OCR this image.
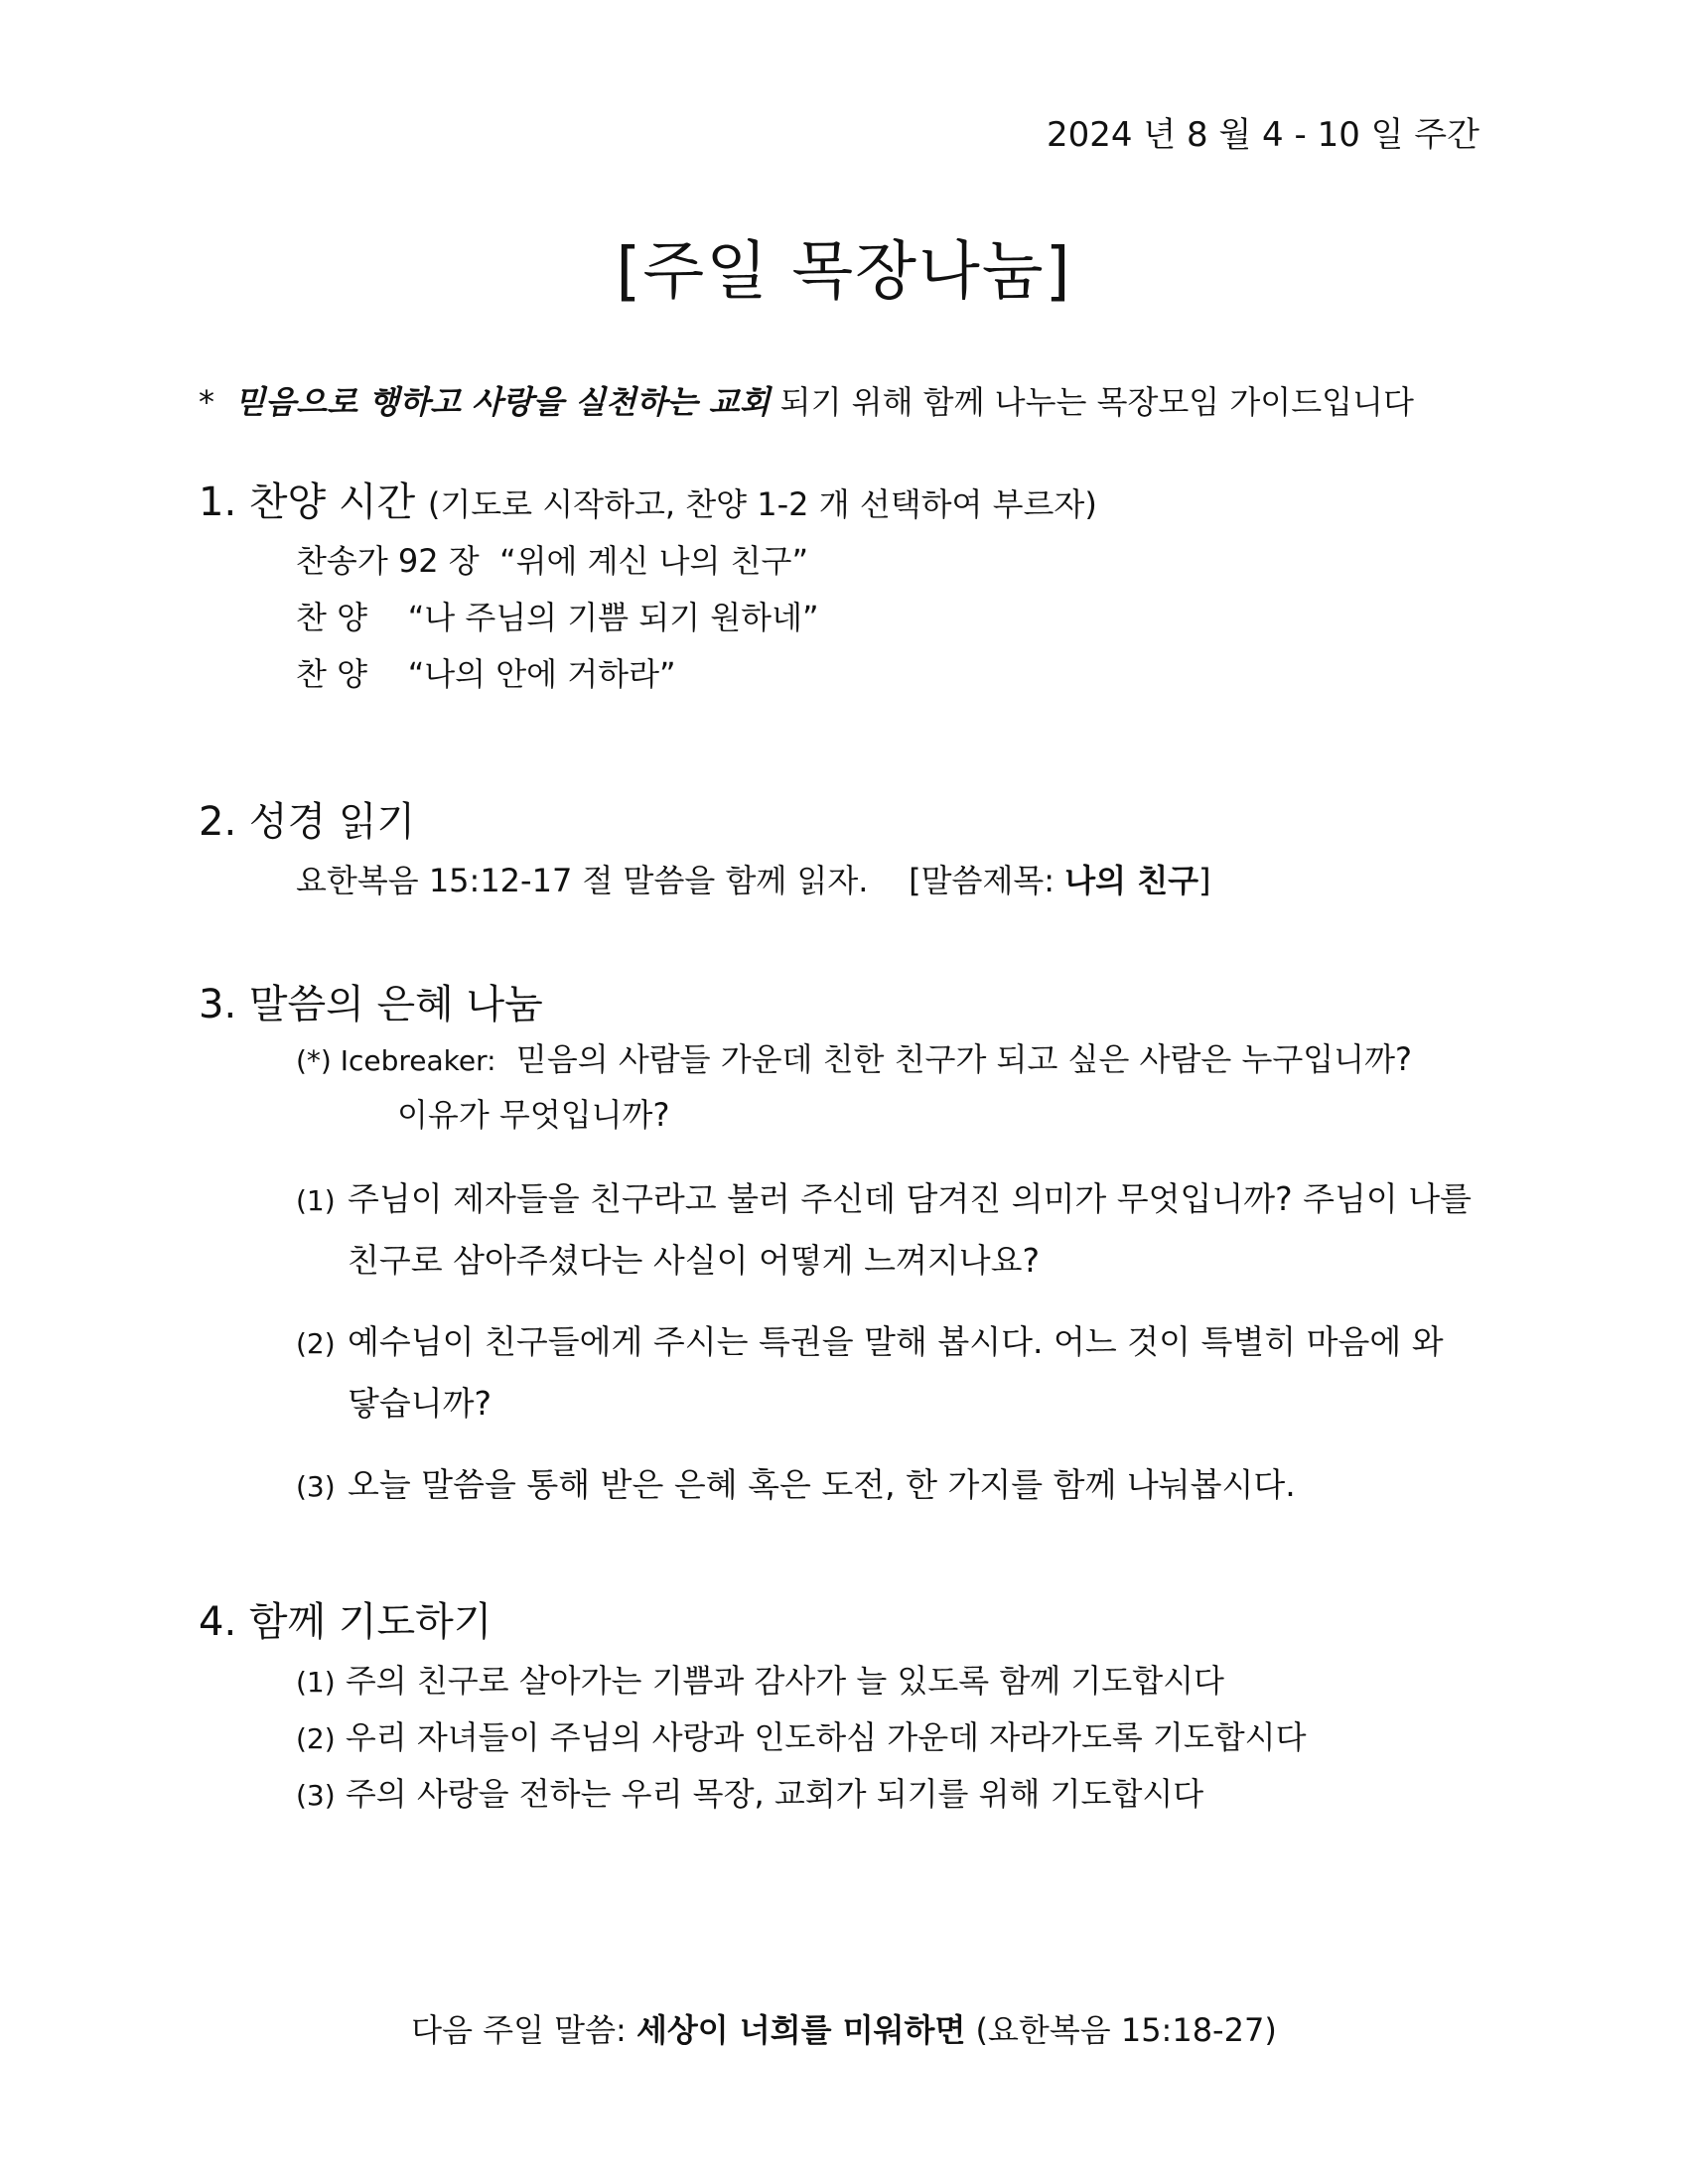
2024 년 8 월 4 - 10 일 주간
[주일 목장나눔]
* 믿음으로 행하고 사랑을 실천하는 교회 되기 위해 함께 나누는 목장모임 가이드입니다
1. 찬양 시간 (기도로 시작하고, 찬양 1-2 개 선택하여 부르자)
찬송가 92 장 “위에 계신 나의 친구”
찬 양 “나 주님의 기쁨 되기 원하네”
찬 양 “나의 안에 거하라”
2. 성경 읽기
요한복음 15:12-17 절 말씀을 함께 읽자. [말씀제목: 나의 친구]
3. 말씀의 은혜 나눔
(*) Icebreaker: 믿음의 사람들 가운데 친한 친구가 되고 싶은 사람은 누구입니까?
이유가 무엇입니까?
(1) 주님이 제자들을 친구라고 불러 주신데 담겨진 의미가 무엇입니까? 주님이 나를
친구로 삼아주셨다는 사실이 어떻게 느껴지나요?
(2) 예수님이 친구들에게 주시는 특권을 말해 봅시다. 어느 것이 특별히 마음에 와
닿습니까?
(3) 오늘 말씀을 통해 받은 은혜 혹은 도전, 한 가지를 함께 나눠봅시다.
4. 함께 기도하기
(1) 주의 친구로 살아가는 기쁨과 감사가 늘 있도록 함께 기도합시다
(2) 우리 자녀들이 주님의 사랑과 인도하심 가운데 자라가도록 기도합시다
(3) 주의 사랑을 전하는 우리 목장, 교회가 되기를 위해 기도합시다
다음 주일 말씀: 세상이 너희를 미워하면 (요한복음 15:18-27)
